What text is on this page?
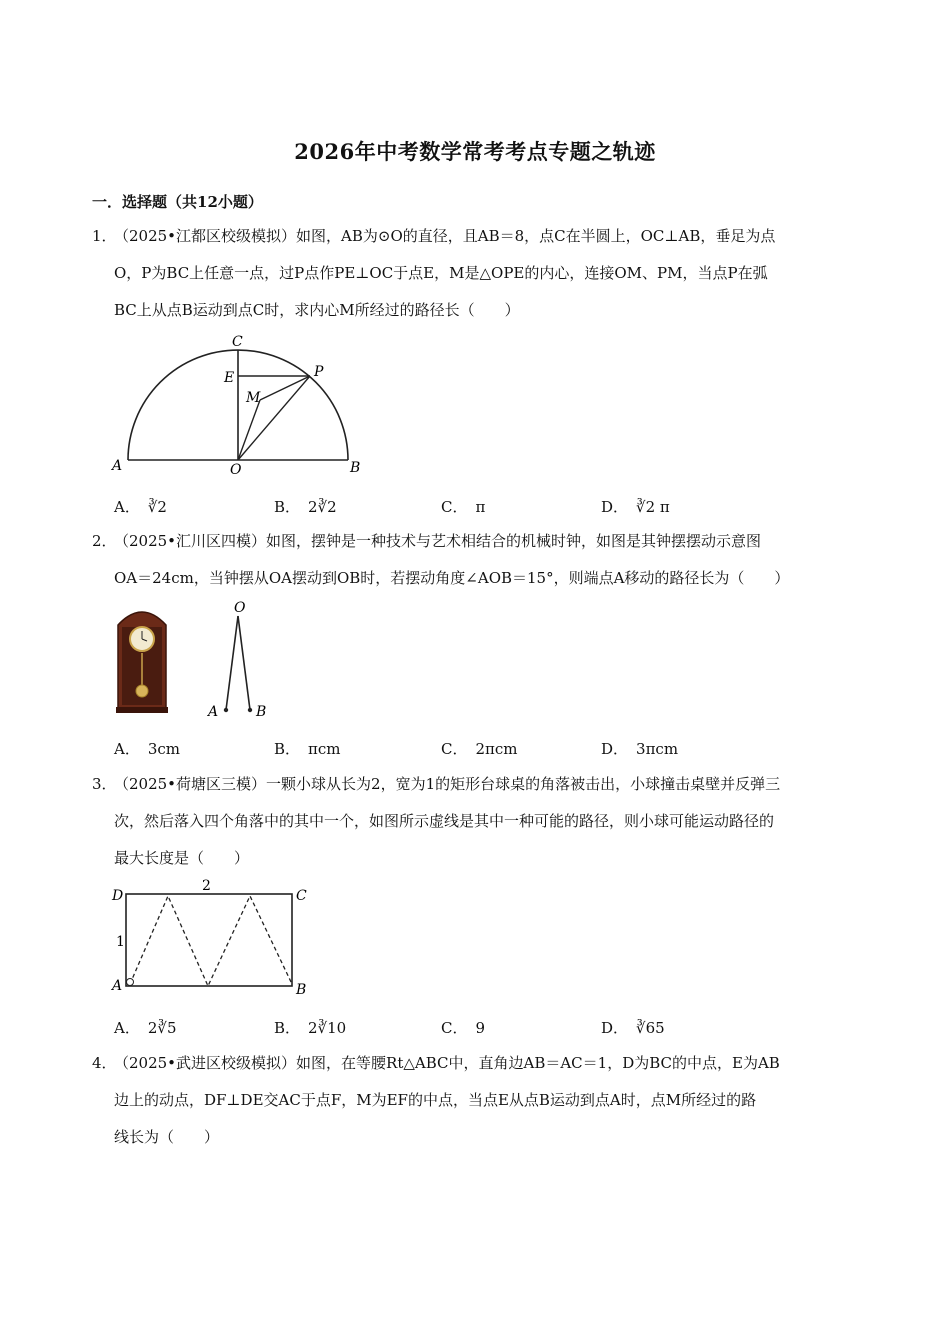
2026年中考数学常考考点专题之轨迹
一．选择题（共12小题）
1．（2025•江都区校级模拟）如图，AB为⊙O的直径，且AB＝8，点C在半圆上，OC⊥AB，垂足为点
O，P为BC上任意一点，过P点作PE⊥OC于点E，M是△OPE的内心，连接OM、PM，当点P在弧
BC上从点B运动到点C时，求内心M所经过的路径长（　　）
C
E	P
M
A	O	B
A． ∛2	B． 2∛2	C． π	D． ∛2 π
2．（2025•汇川区四模）如图，摆钟是一种技术与艺术相结合的机械时钟，如图是其钟摆摆动示意图
OA＝24cm，当钟摆从OA摆动到OB时，若摆动角度∠AOB＝15°，则端点A移动的路径长为（　　）
O
A	B
A． 3cm	B． πcm	C． 2πcm	D． 3πcm
3．（2025•荷塘区三模）一颗小球从长为2，宽为1的矩形台球桌的角落被击出，小球撞击桌壁并反弹三
次，然后落入四个角落中的其中一个，如图所示虚线是其中一种可能的路径，则小球可能运动路径的
最大长度是（　　）
D
2
C
1
A	B
A． 2∛5	B． 2∛10	C． 9	D． ∛65
4．（2025•武进区校级模拟）如图，在等腰Rt△ABC中，直角边AB＝AC＝1，D为BC的中点，E为AB
边上的动点，DF⊥DE交AC于点F，M为EF的中点，当点E从点B运动到点A时，点M所经过的路
线长为（　　）
